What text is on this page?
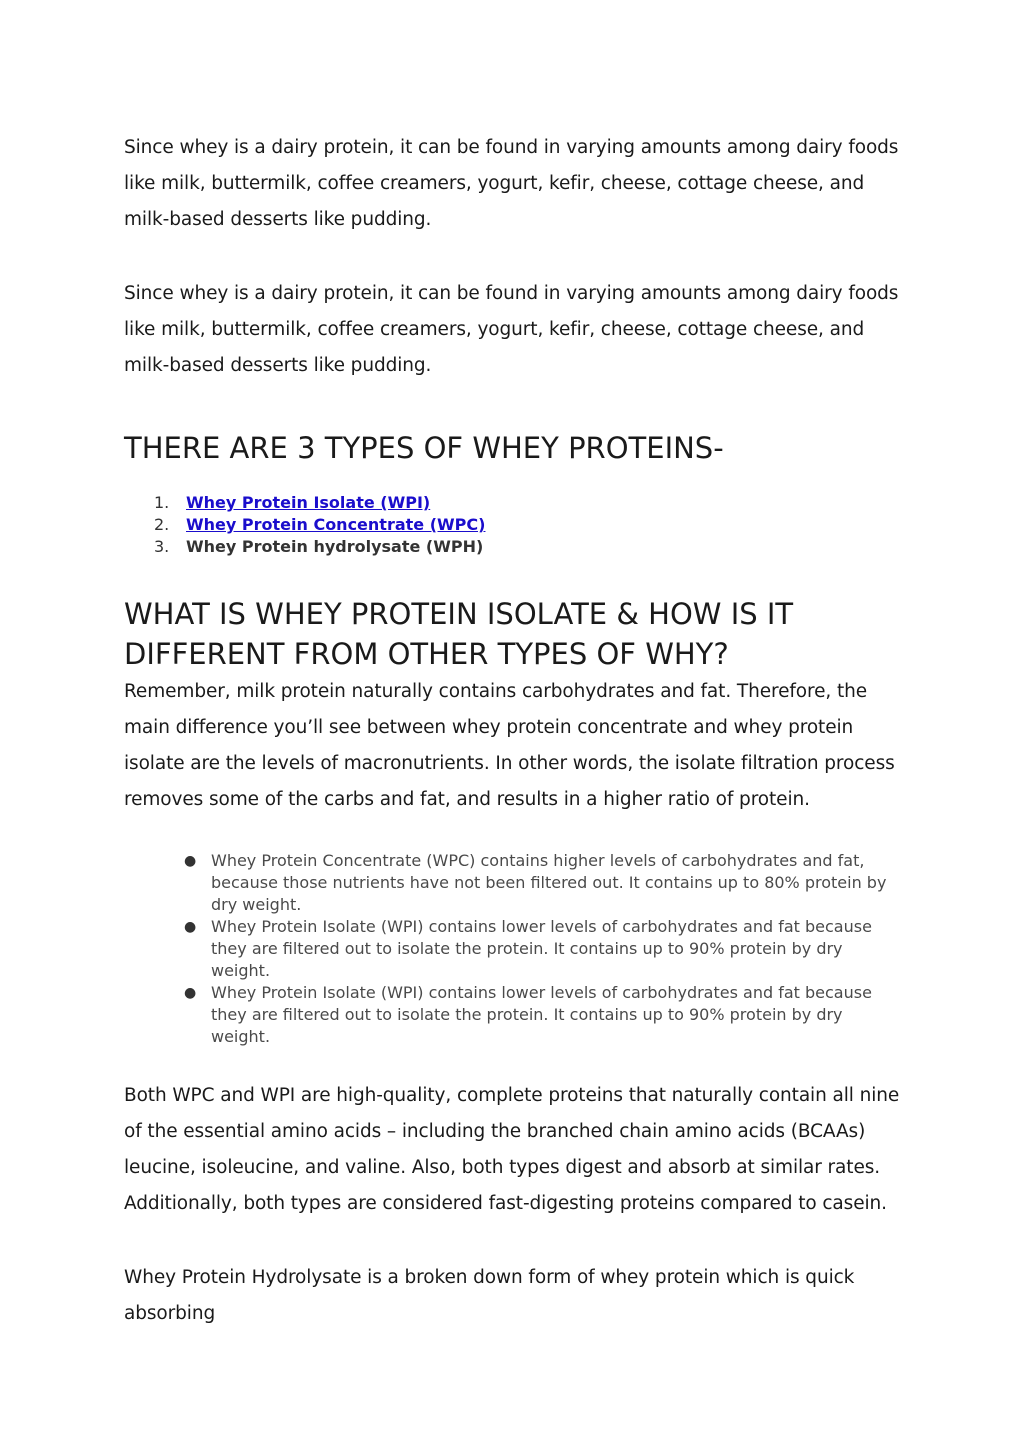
Since whey is a dairy protein, it can be found in varying amounts among dairy foods like milk, buttermilk, coffee creamers, yogurt, kefir, cheese, cottage cheese, and milk-based desserts like pudding.

Since whey is a dairy protein, it can be found in varying amounts among dairy foods like milk, buttermilk, coffee creamers, yogurt, kefir, cheese, cottage cheese, and milk-based desserts like pudding.

THERE ARE 3 TYPES OF WHEY PROTEINS-
1. Whey Protein Isolate (WPI)
2. Whey Protein Concentrate (WPC)
3. Whey Protein hydrolysate (WPH)
WHAT IS WHEY PROTEIN ISOLATE & HOW IS IT DIFFERENT FROM OTHER TYPES OF WHY?

Remember, milk protein naturally contains carbohydrates and fat. Therefore, the main difference you’ll see between whey protein concentrate and whey protein isolate are the levels of macronutrients. In other words, the isolate filtration process removes some of the carbs and fat, and results in a higher ratio of protein.

● Whey Protein Concentrate (WPC) contains higher levels of carbohydrates and fat, because those nutrients have not been filtered out. It contains up to 80% protein by dry weight.
● Whey Protein Isolate (WPI) contains lower levels of carbohydrates and fat because they are filtered out to isolate the protein. It contains up to 90% protein by dry weight.
● Whey Protein Isolate (WPI) contains lower levels of carbohydrates and fat because they are filtered out to isolate the protein. It contains up to 90% protein by dry weight.

Both WPC and WPI are high-quality, complete proteins that naturally contain all nine of the essential amino acids – including the branched chain amino acids (BCAAs) leucine, isoleucine, and valine. Also, both types digest and absorb at similar rates. Additionally, both types are considered fast-digesting proteins compared to casein.

Whey Protein Hydrolysate is a broken down form of whey protein which is quick absorbing
